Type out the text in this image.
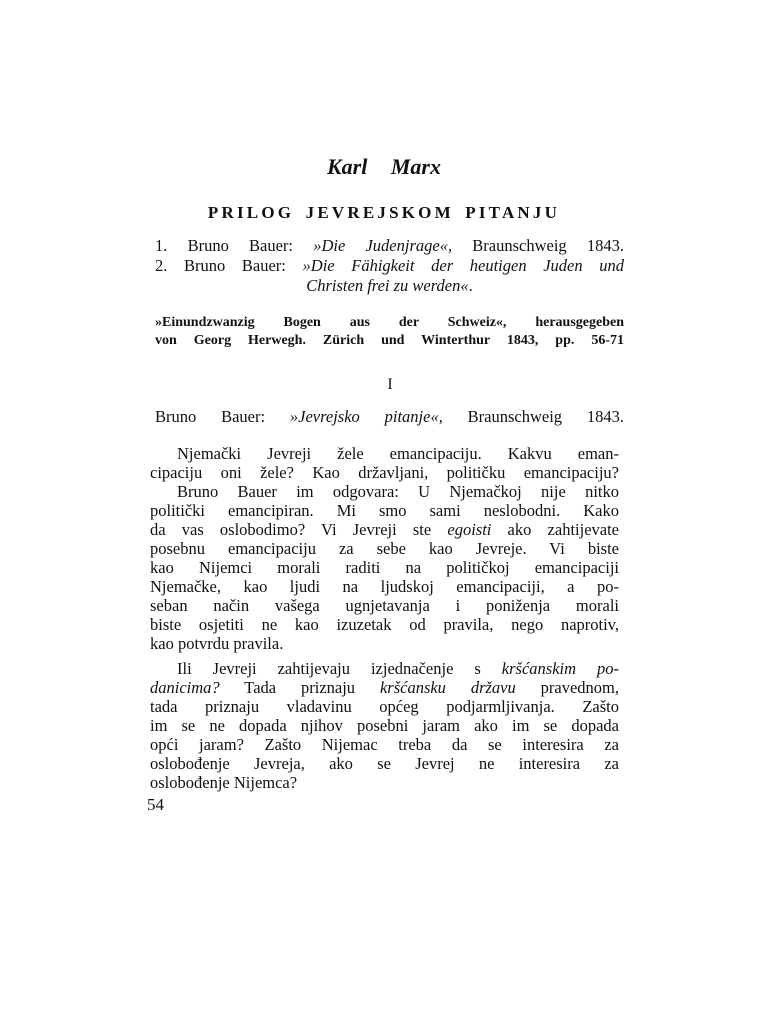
Karl Marx
PRILOG JEVREJSKOM PITANJU
1. Bruno Bauer: »Die Judenjrage«, Braunschweig 1843.
2. Bruno Bauer: »Die Fähigkeit der heutigen Juden und
Christen frei zu werden«.
»Einundzwanzig Bogen aus der Schweiz«, herausgegeben
von Georg Herwegh. Zürich und Winterthur 1843, pp. 56-71
I
Bruno Bauer: »Jevrejsko pitanje«, Braunschweig 1843.
Njemački Jevreji žele emancipaciju. Kakvu eman-
cipaciju oni žele? Kao državljani, političku emancipaciju?
Bruno Bauer im odgovara: U Njemačkoj nije nitko
politički emancipiran. Mi smo sami neslobodni. Kako
da vas oslobodimo? Vi Jevreji ste egoisti ako zahtijevate
posebnu emancipaciju za sebe kao Jevreje. Vi biste
kao Nijemci morali raditi na političkoj emancipaciji
Njemačke, kao ljudi na ljudskoj emancipaciji, a po-
seban način vašega ugnjetavanja i poniženja morali
biste osjetiti ne kao izuzetak od pravila, nego naprotiv,
kao potvrdu pravila.
Ili Jevreji zahtijevaju izjednačenje s kršćanskim po-
danicima? Tada priznaju kršćansku državu pravednom,
tada priznaju vladavinu općeg podjarmljivanja. Zašto
im se ne dopada njihov posebni jaram ako im se dopada
opći jaram? Zašto Nijemac treba da se interesira za
oslobođenje Jevreja, ako se Jevrej ne interesira za
oslobođenje Nijemca?
54
